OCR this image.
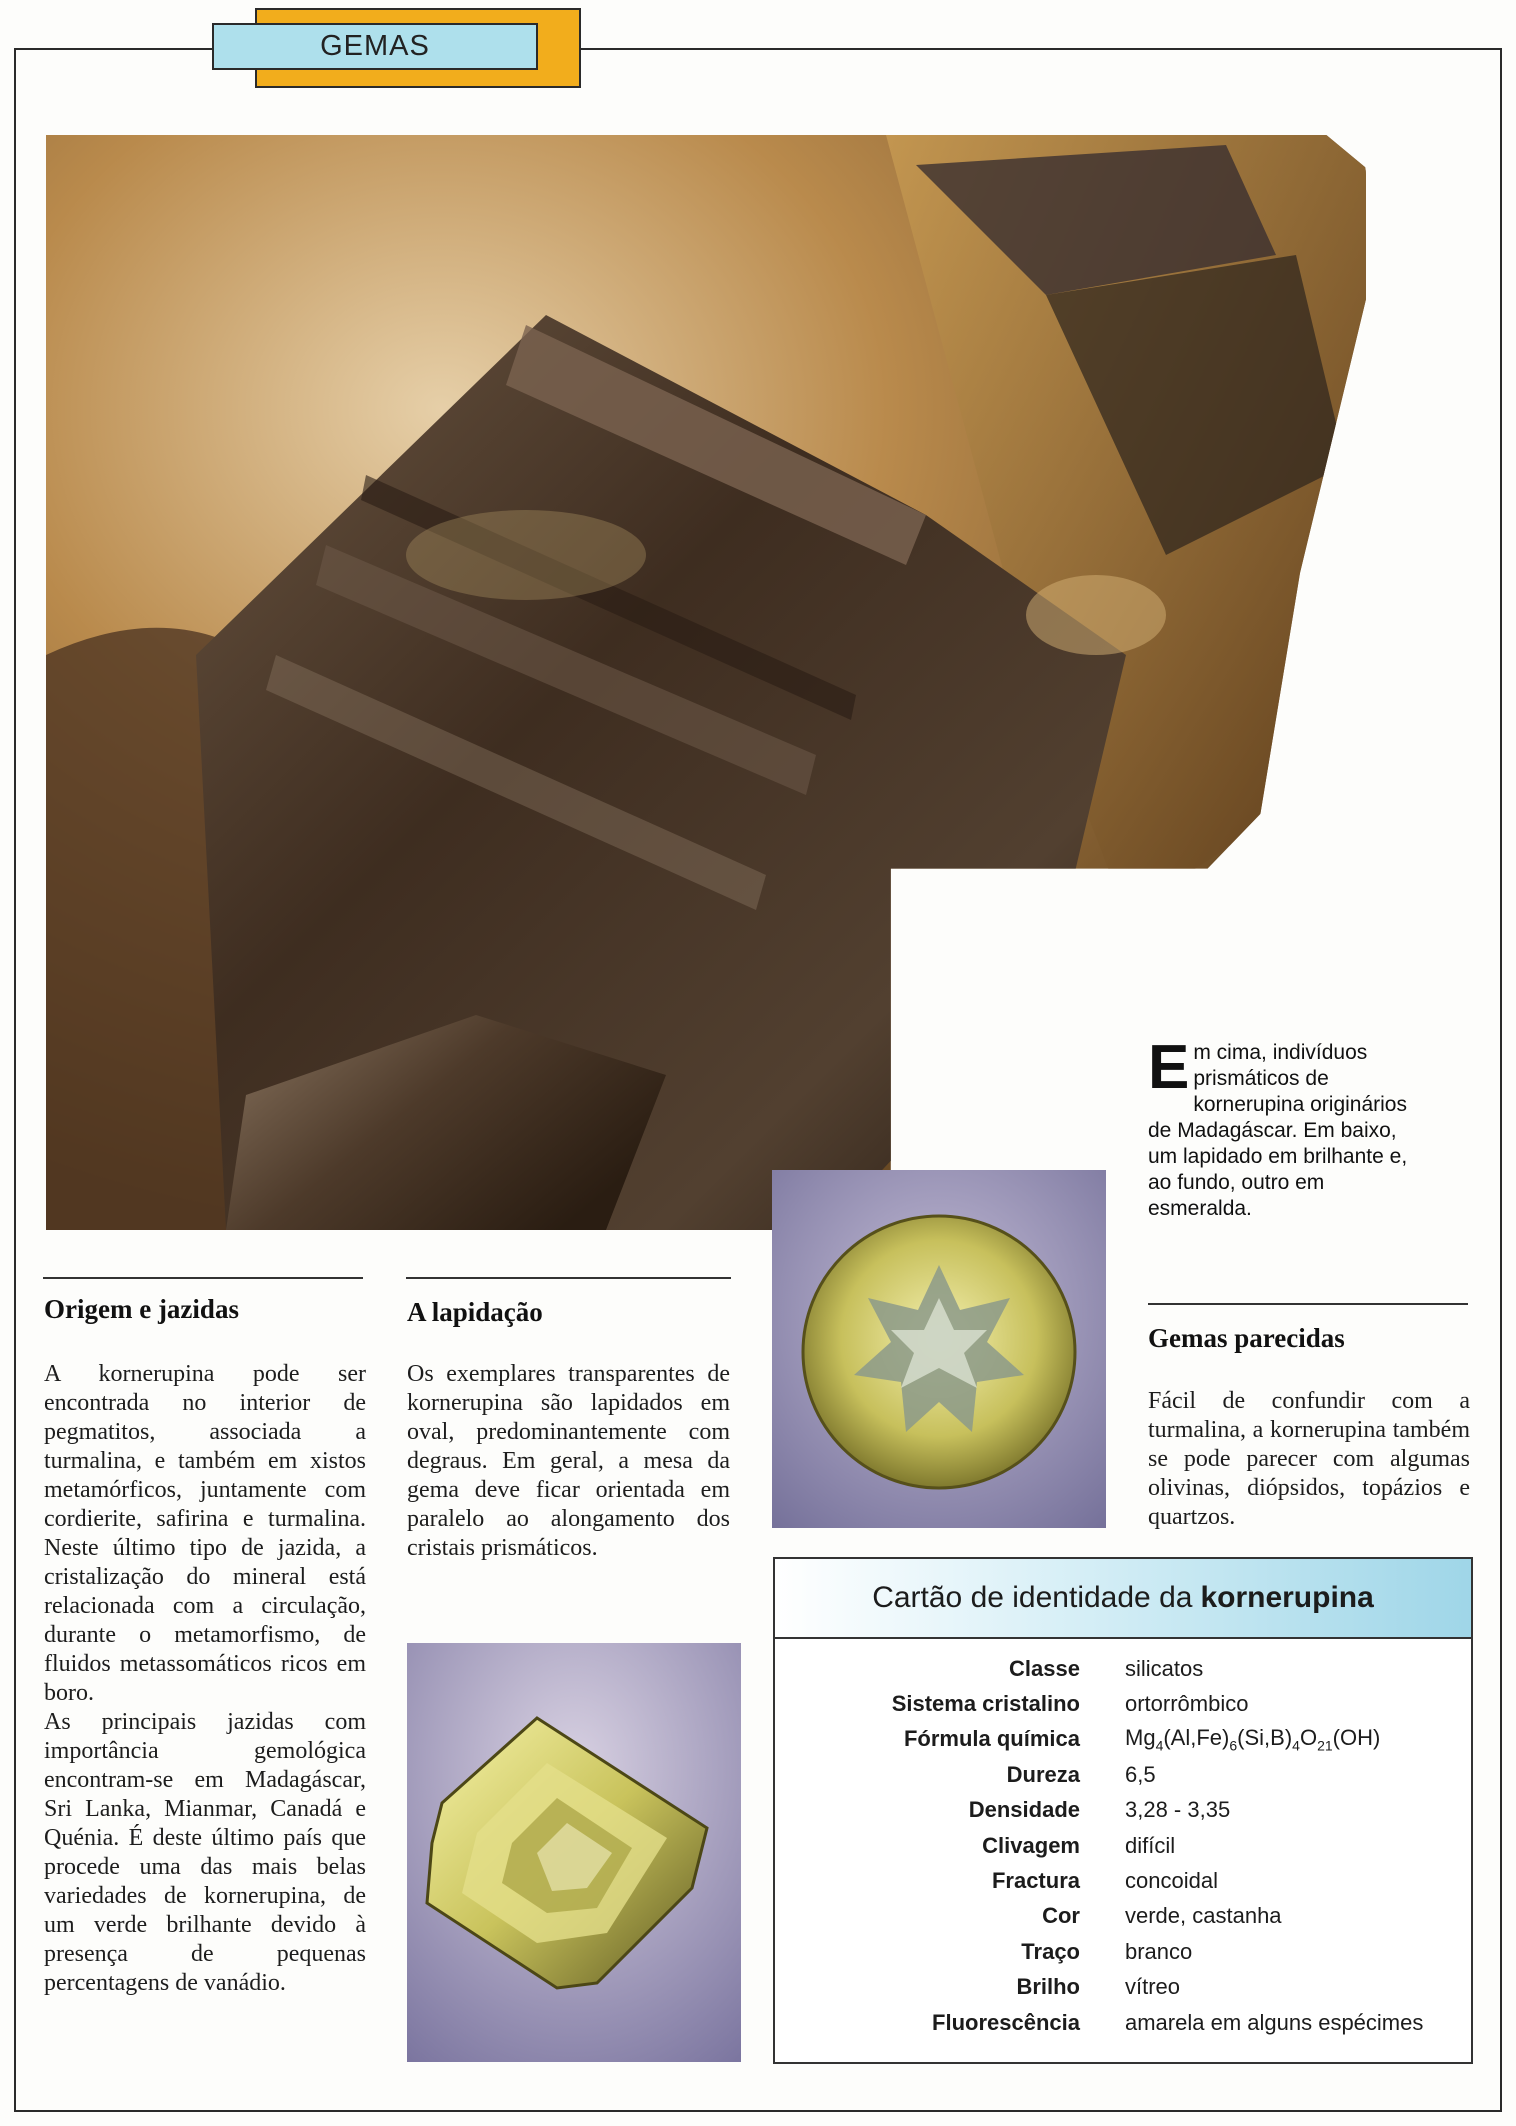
GEMAS
Em cima, indivíduos prismáticos de kornerupina originários de Madagáscar. Em baixo, um lapidado em brilhante e, ao fundo, outro em esmeralda.
Origem e jazidas

A kornerupina pode ser encontrada no interior de pegmatitos, associada a turmalina, e também em xistos metamórficos, juntamente com cordierite, safirina e turmalina. Neste último tipo de jazida, a cristalização do mineral está relacionada com a circulação, durante o metamorfismo, de fluidos metassomáticos ricos em boro.

As principais jazidas com importância gemológica encontram-se em Madagáscar, Sri Lanka, Mianmar, Canadá e Quénia. É deste último país que procede uma das mais belas variedades de kornerupina, de um verde brilhante devido à presença de pequenas percentagens de vanádio.

A lapidação

Os exemplares transparentes de kornerupina são lapidados em oval, predominantemente com degraus. Em geral, a mesa da gema deve ficar orientada em paralelo ao alongamento dos cristais prismáticos.

Gemas parecidas

Fácil de confundir com a turmalina, a kornerupina também se pode parecer com algumas olivinas, diópsidos, topázios e quartzos.

Cartão de identidade da kornerupina
Classe	silicatos
Sistema cristalino	ortorrômbico
Fórmula química	$Mg_4(Al,Fe)_6(Si,B)_4O_{21}(OH)$
Dureza	6,5
Densidade	3,28 - 3,35
Clivagem	difícil
Fractura	concoidal
Cor	verde, castanha
Traço	branco
Brilho	vítreo
Fluorescência	amarela em alguns espécimes
